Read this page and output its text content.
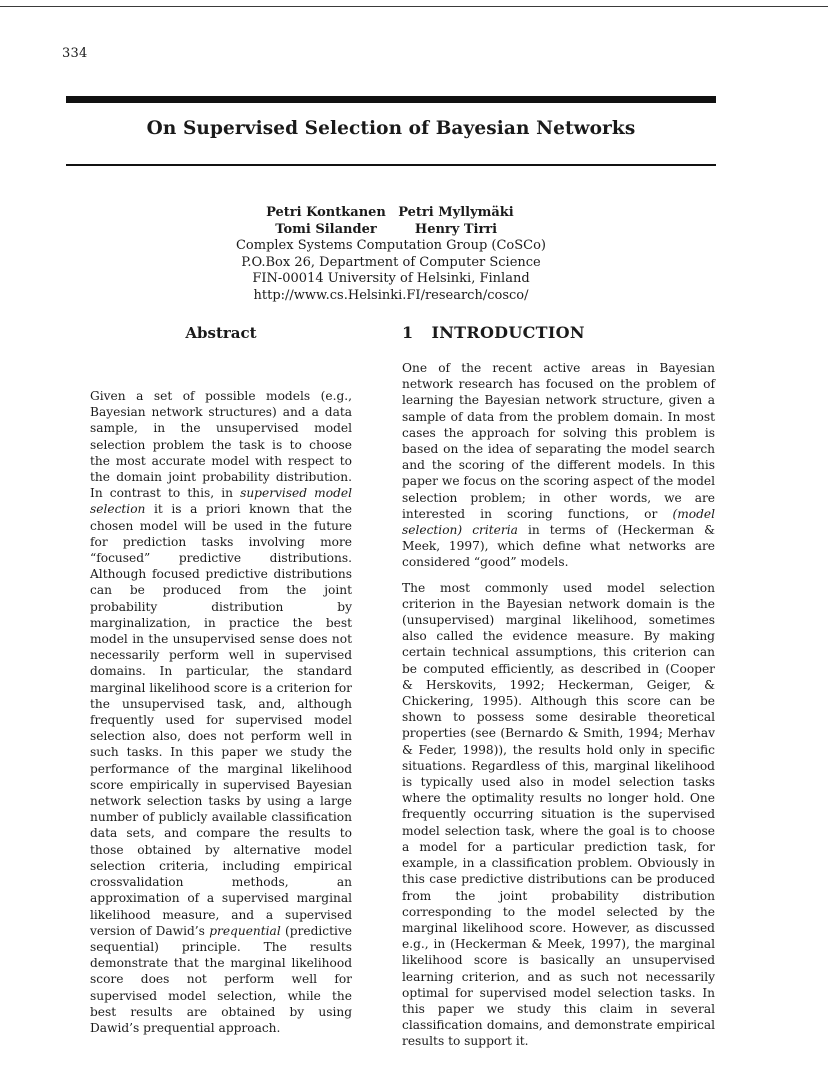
334
On Supervised Selection of Bayesian Networks
Petri Kontkanen Petri Myllymäki
Tomi Silander	Henry Tirri
Complex Systems Computation Group (CoSCo)
P.O.Box 26, Department of Computer Science
FIN-00014 University of Helsinki, Finland
http://www.cs.Helsinki.FI/research/cosco/
Abstract
Given a set of possible models (e.g., Bayesian network structures) and a data sample, in the unsupervised model selection problem the task is to choose the most accurate model with respect to the domain joint probability distribution. In contrast to this, in supervised model selection it is a priori known that the chosen model will be used in the future for prediction tasks involving more “focused” predictive distributions. Although focused predictive distributions can be produced from the joint probability distribution by marginalization, in practice the best model in the unsupervised sense does not necessarily perform well in supervised domains. In particular, the standard marginal likelihood score is a criterion for the unsupervised task, and, although frequently used for supervised model selection also, does not perform well in such tasks. In this paper we study the performance of the marginal likelihood score empirically in supervised Bayesian network selection tasks by using a large number of publicly available classification data sets, and compare the results to those obtained by alternative model selection criteria, including empirical crossvalidation methods, an approximation of a supervised marginal likelihood measure, and a supervised version of Dawid’s prequential (predictive sequential) principle. The results demonstrate that the marginal likelihood score does not perform well for supervised model selection, while the best results are obtained by using Dawid’s prequential approach.
1 INTRODUCTION

One of the recent active areas in Bayesian network research has focused on the problem of learning the Bayesian network structure, given a sample of data from the problem domain. In most cases the approach for solving this problem is based on the idea of separating the model search and the scoring of the different models. In this paper we focus on the scoring aspect of the model selection problem; in other words, we are interested in scoring functions, or (model selection) criteria in terms of (Heckerman & Meek, 1997), which define what networks are considered “good” models.

The most commonly used model selection criterion in the Bayesian network domain is the (unsupervised) marginal likelihood, sometimes also called the evidence measure. By making certain technical assumptions, this criterion can be computed efficiently, as described in (Cooper & Herskovits, 1992; Heckerman, Geiger, & Chickering, 1995). Although this score can be shown to possess some desirable theoretical properties (see (Bernardo & Smith, 1994; Merhav & Feder, 1998)), the results hold only in specific situations. Regardless of this, marginal likelihood is typically used also in model selection tasks where the optimality results no longer hold. One frequently occurring situation is the supervised model selection task, where the goal is to choose a model for a particular prediction task, for example, in a classification problem. Obviously in this case predictive distributions can be produced from the joint probability distribution corresponding to the model selected by the marginal likelihood score. However, as discussed e.g., in (Heckerman & Meek, 1997), the marginal likelihood score is basically an unsupervised learning criterion, and as such not necessarily optimal for supervised model selection tasks. In this paper we study this claim in several classification domains, and demonstrate empirical results to support it.
